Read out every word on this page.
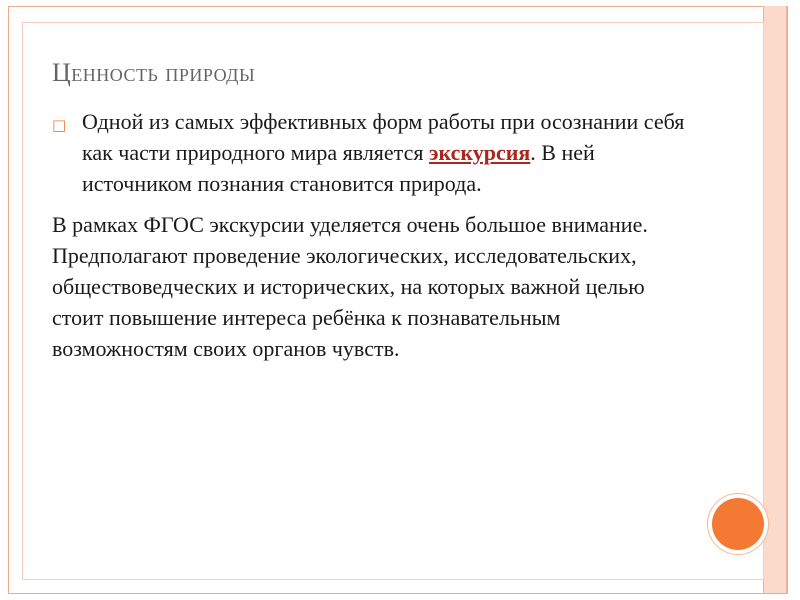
Ценность природы
□ Одной из самых эффективных форм работы при осознании себя как части природного мира является экскурсия. В ней источником познания становится природа.

В рамках ФГОС экскурсии уделяется очень большое внимание. Предполагают проведение экологических, исследовательских, обществоведческих и исторических, на которых важной целью стоит повышение интереса ребёнка к познавательным возможностям своих органов чувств.
